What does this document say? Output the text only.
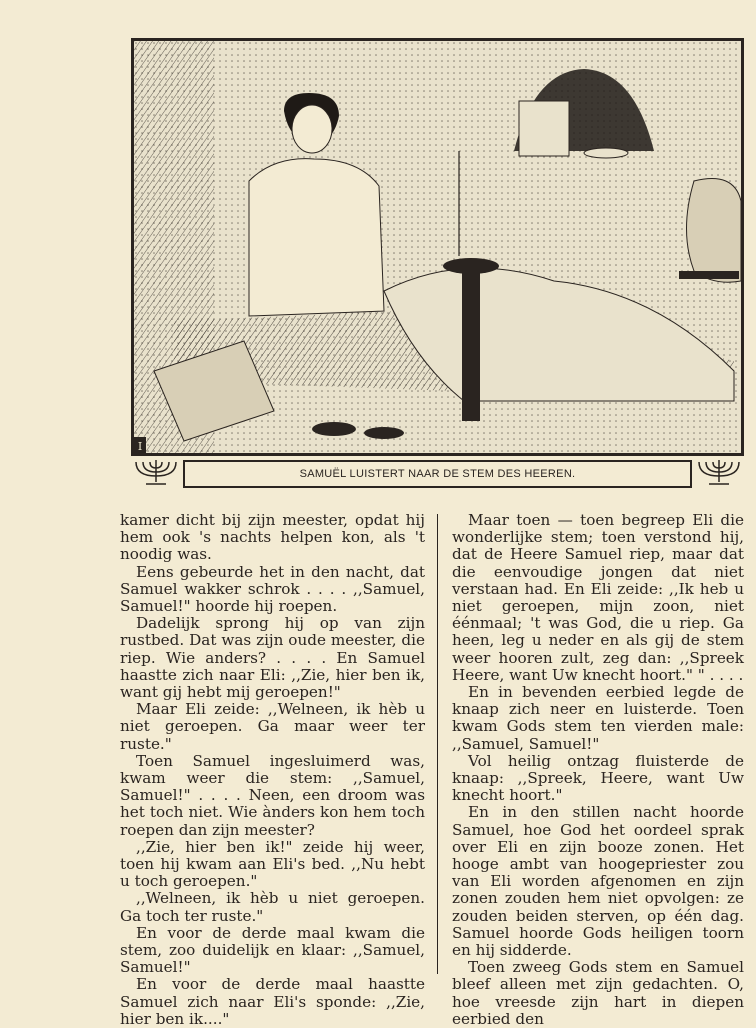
I
SAMUËL LUISTERT NAAR DE STEM DES HEEREN.

kamer dicht bij zijn meester, opdat hij hem ook 's nachts helpen kon, als 't noodig was.

Eens gebeurde het in den nacht, dat Samuel wakker schrok . . . . ,,Samuel, Samuel!" hoorde hij roepen.

Dadelijk sprong hij op van zijn rustbed. Dat was zijn oude meester, die riep. Wie anders? . . . . En Samuel haastte zich naar Eli: ,,Zie, hier ben ik, want gij hebt mij geroepen!"

Maar Eli zeide: ,,Welneen, ik hèb u niet geroepen. Ga maar weer ter ruste."

Toen Samuel ingesluimerd was, kwam weer die stem: ,,Samuel, Samuel!" . . . . Neen, een droom was het toch niet. Wie ànders kon hem toch roepen dan zijn meester?

,,Zie, hier ben ik!" zeide hij weer, toen hij kwam aan Eli's bed. ,,Nu hebt u toch geroepen."

,,Welneen, ik hèb u niet geroepen. Ga toch ter ruste."

En voor de derde maal kwam die stem, zoo duidelijk en klaar: ,,Samuel, Samuel!"

En voor de derde maal haastte Samuel zich naar Eli's sponde: ,,Zie, hier ben ik...."

Maar toen — toen begreep Eli die wonderlijke stem; toen verstond hij, dat de Heere Samuel riep, maar dat die eenvoudige jongen dat niet verstaan had. En Eli zeide: ,,Ik heb u niet geroepen, mijn zoon, niet éénmaal; 't was God, die u riep. Ga heen, leg u neder en als gij de stem weer hooren zult, zeg dan: ,,Spreek Heere, want Uw knecht hoort." " . . . .

En in bevenden eerbied legde de knaap zich neer en luisterde. Toen kwam Gods stem ten vierden male: ,,Samuel, Samuel!"

Vol heilig ontzag fluisterde de knaap: ,,Spreek, Heere, want Uw knecht hoort."

En in den stillen nacht hoorde Samuel, hoe God het oordeel sprak over Eli en zijn booze zonen. Het hooge ambt van hoogepriester zou van Eli worden afgenomen en zijn zonen zouden hem niet opvolgen: ze zouden beiden sterven, op één dag. Samuel hoorde Gods heiligen toorn en hij sidderde.

Toen zweeg Gods stem en Samuel bleef alleen met zijn gedachten. O, hoe vreesde zijn hart in diepen eerbied den
